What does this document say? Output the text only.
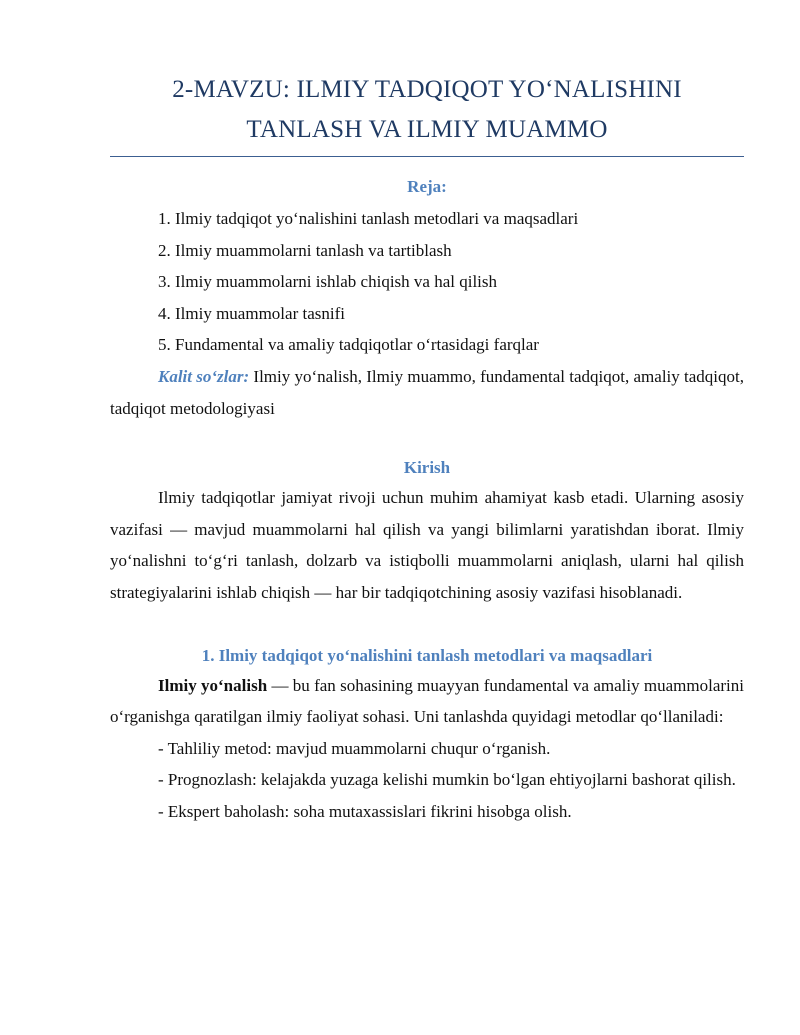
2-MAVZU: ILMIY TADQIQOT YO‘NALISHINI
TANLASH VA ILMIY MUAMMO
Reja:
1. Ilmiy tadqiqot yo‘nalishini tanlash metodlari va maqsadlari
2. Ilmiy muammolarni tanlash va tartiblash
3. Ilmiy muammolarni ishlab chiqish va hal qilish
4. Ilmiy muammolar tasnifi
5. Fundamental va amaliy tadqiqotlar o‘rtasidagi farqlar

Kalit so‘zlar: Ilmiy yo‘nalish, Ilmiy muammo, fundamental tadqiqot, amaliy tadqiqot, tadqiqot metodologiyasi

Kirish

Ilmiy tadqiqotlar jamiyat rivoji uchun muhim ahamiyat kasb etadi. Ularning asosiy vazifasi — mavjud muammolarni hal qilish va yangi bilimlarni yaratishdan iborat. Ilmiy yo‘nalishni to‘g‘ri tanlash, dolzarb va istiqbolli muammolarni aniqlash, ularni hal qilish strategiyalarini ishlab chiqish — har bir tadqiqotchining asosiy vazifasi hisoblanadi.

1. Ilmiy tadqiqot yo‘nalishini tanlash metodlari va maqsadlari

Ilmiy yo‘nalish — bu fan sohasining muayyan fundamental va amaliy muammolarini o‘rganishga qaratilgan ilmiy faoliyat sohasi. Uni tanlashda quyidagi metodlar qo‘llaniladi:

- Tahliliy metod: mavjud muammolarni chuqur o‘rganish.

- Prognozlash: kelajakda yuzaga kelishi mumkin bo‘lgan ehtiyojlarni bashorat qilish.

- Ekspert baholash: soha mutaxassislari fikrini hisobga olish.
